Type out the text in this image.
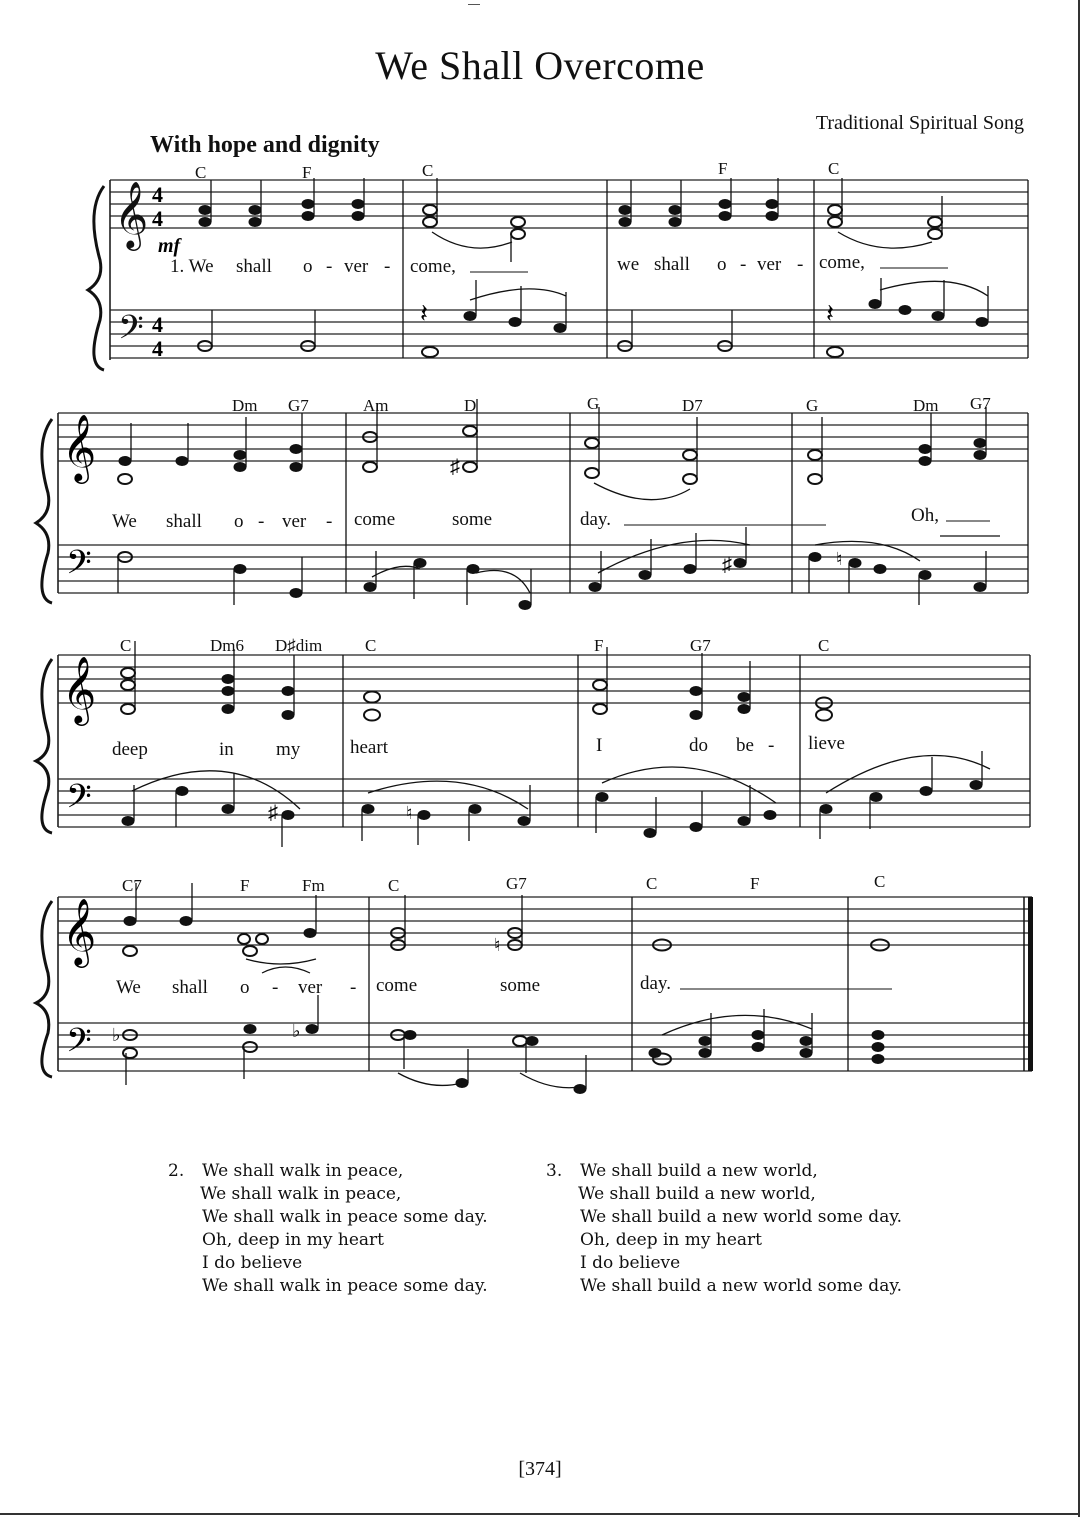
We Shall Overcome
Traditional Spiritual Song
With hope and dignity
𝄞
𝄢
4
4
4
4
mf
𝄽	𝄽
C	F	C	F	C
1. We shall o - ver - come,	we shall o - ver - come,
𝄞
𝄢
♯
♯	♮
Dm G7	Am	D	G	D7	G	Dm G7
We shall o - ver - come	some	day.	Oh,
𝄞
𝄢	♯	♮
C	Dm6 D♯dim	C	F	G7	C
deep	in my	heart	I	do be - lieve
𝄞
𝄢
♮
♭	♭
C7	F	Fm	C	G7	C	F	C
We shall o - ver - come	some	day.
2. We shall walk in peace,
We shall walk in peace,
We shall walk in peace some day.
Oh, deep in my heart
I do believe
We shall walk in peace some day.
3. We shall build a new world,
We shall build a new world,
We shall build a new world some day.
Oh, deep in my heart
I do believe
We shall build a new world some day.
[374]
